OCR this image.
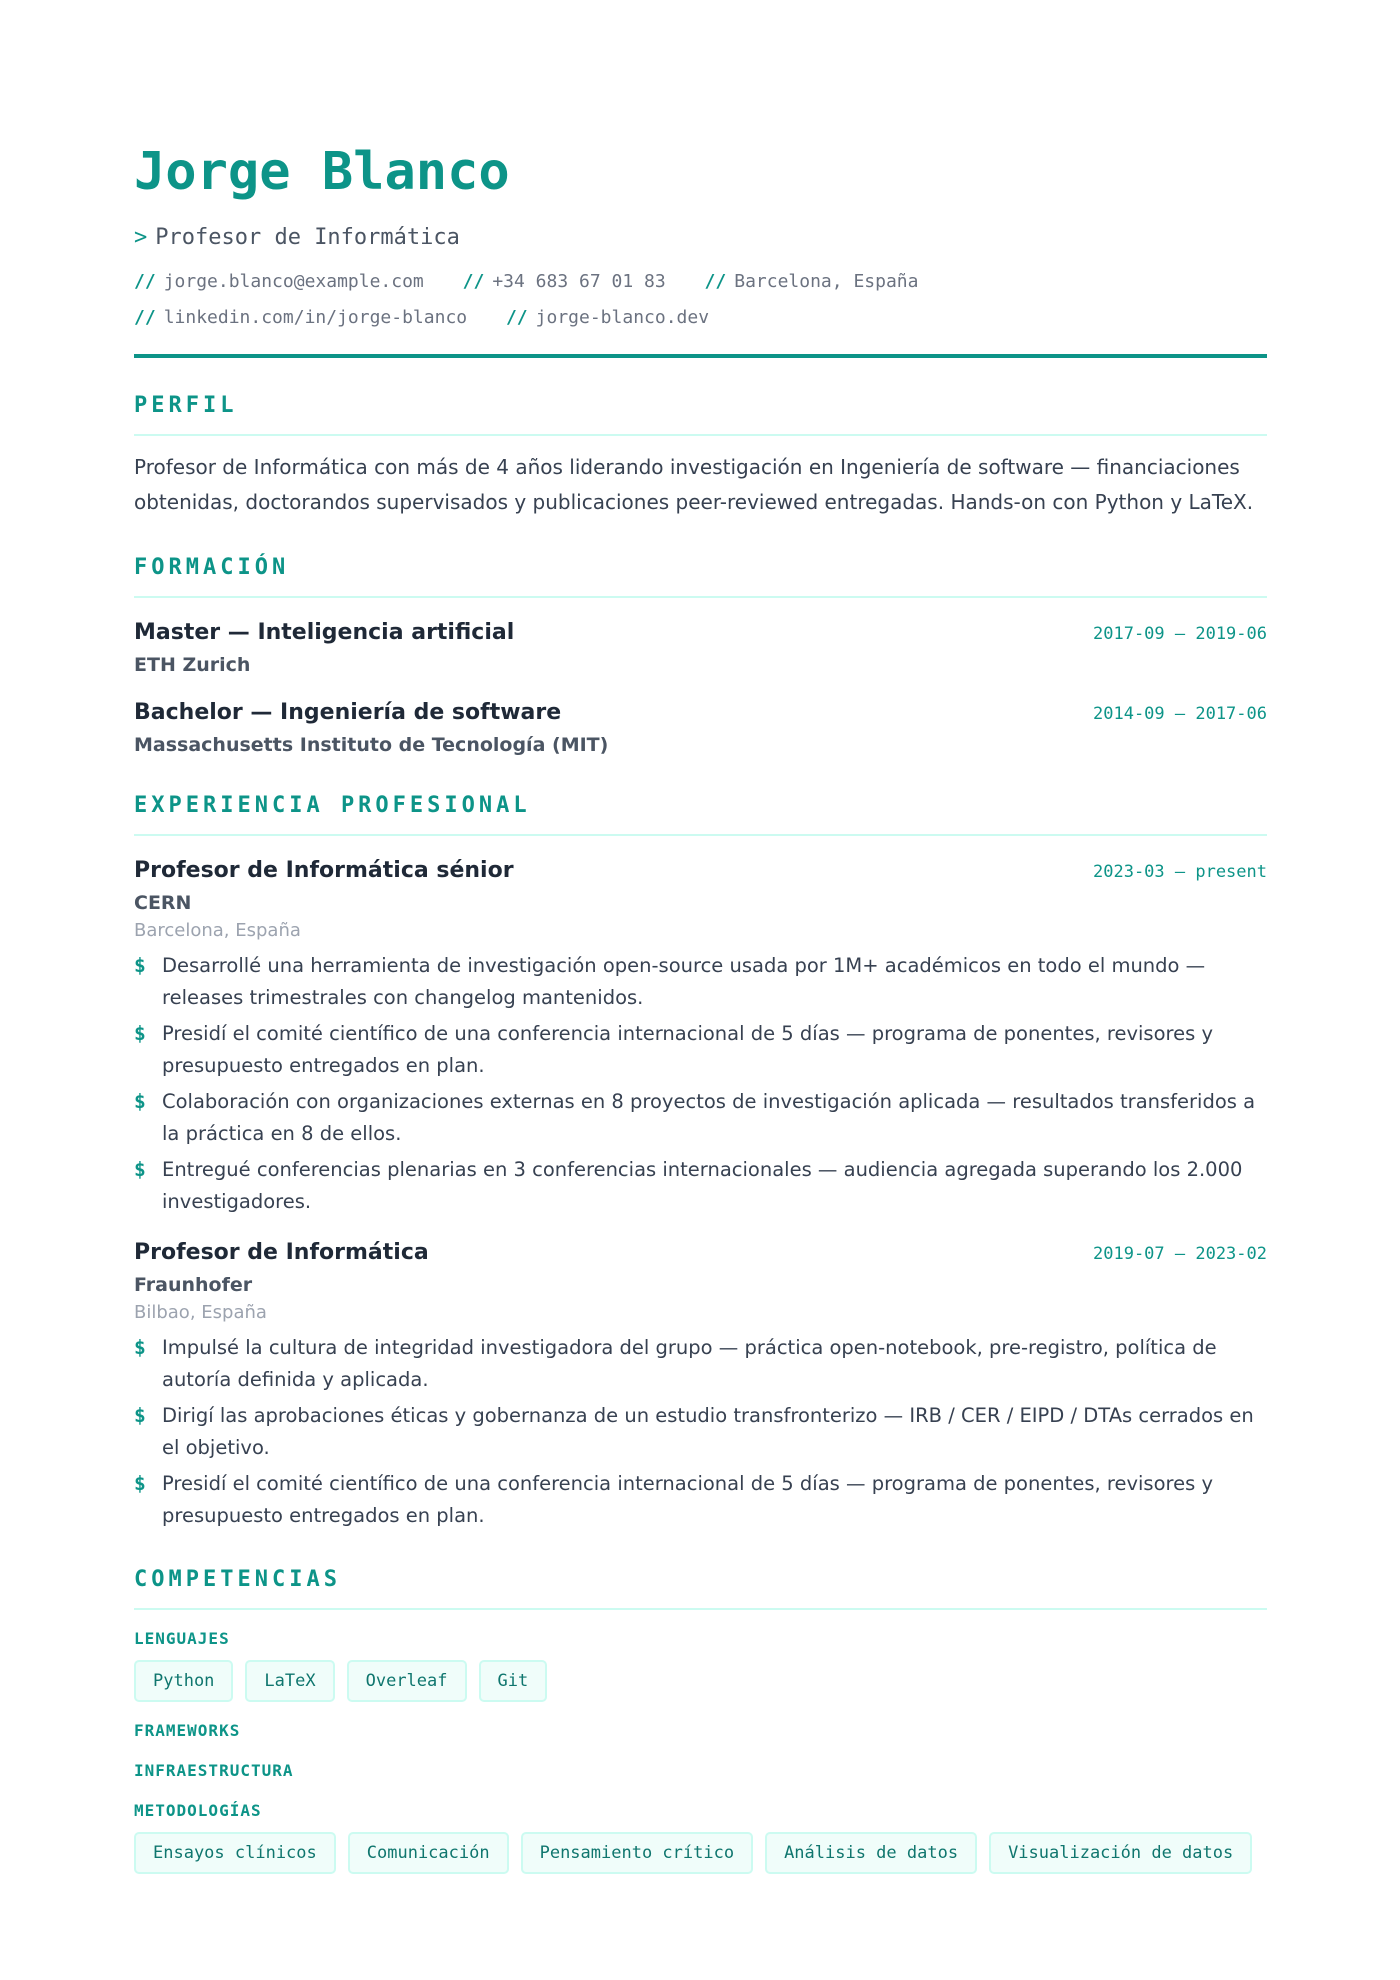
Jorge Blanco
> Profesor de Informática
// jorge.blanco@example.com // +34 683 67 01 83 // Barcelona, España
// linkedin.com/in/jorge-blanco // jorge-blanco.dev
PERFIL

Profesor de Informática con más de 4 años liderando investigación en Ingeniería de software — financiaciones obtenidas, doctorandos supervisados y publicaciones peer-reviewed entregadas. Hands-on con Python y LaTeX.

FORMACIÓN
Master — Inteligencia artificial	2017-09 – 2019-06
ETH Zurich
Bachelor — Ingeniería de software	2014-09 – 2017-06
Massachusetts Instituto de Tecnología (MIT)
EXPERIENCIA PROFESIONAL
Profesor de Informática sénior	2023-03 – present
CERN
Barcelona, España
$ Desarrollé una herramienta de investigación open-source usada por 1M+ académicos en todo el mundo — releases trimestrales con changelog mantenidos.
$ Presidí el comité científico de una conferencia internacional de 5 días — programa de ponentes, revisores y presupuesto entregados en plan.
$ Colaboración con organizaciones externas en 8 proyectos de investigación aplicada — resultados transferidos a la práctica en 8 de ellos.
$ Entregué conferencias plenarias en 3 conferencias internacionales — audiencia agregada superando los 2.000 investigadores.
Profesor de Informática	2019-07 – 2023-02
Fraunhofer
Bilbao, España
$ Impulsé la cultura de integridad investigadora del grupo — práctica open-notebook, pre-registro, política de autoría definida y aplicada.
$ Dirigí las aprobaciones éticas y gobernanza de un estudio transfronterizo — IRB / CER / EIPD / DTAs cerrados en el objetivo.
$ Presidí el comité científico de una conferencia internacional de 5 días — programa de ponentes, revisores y presupuesto entregados en plan.
COMPETENCIAS
LENGUAJES
Python	LaTeX	Overleaf	Git
FRAMEWORKS
INFRAESTRUCTURA
METODOLOGÍAS
Ensayos clínicos	Comunicación	Pensamiento crítico	Análisis de datos	Visualización de datos
